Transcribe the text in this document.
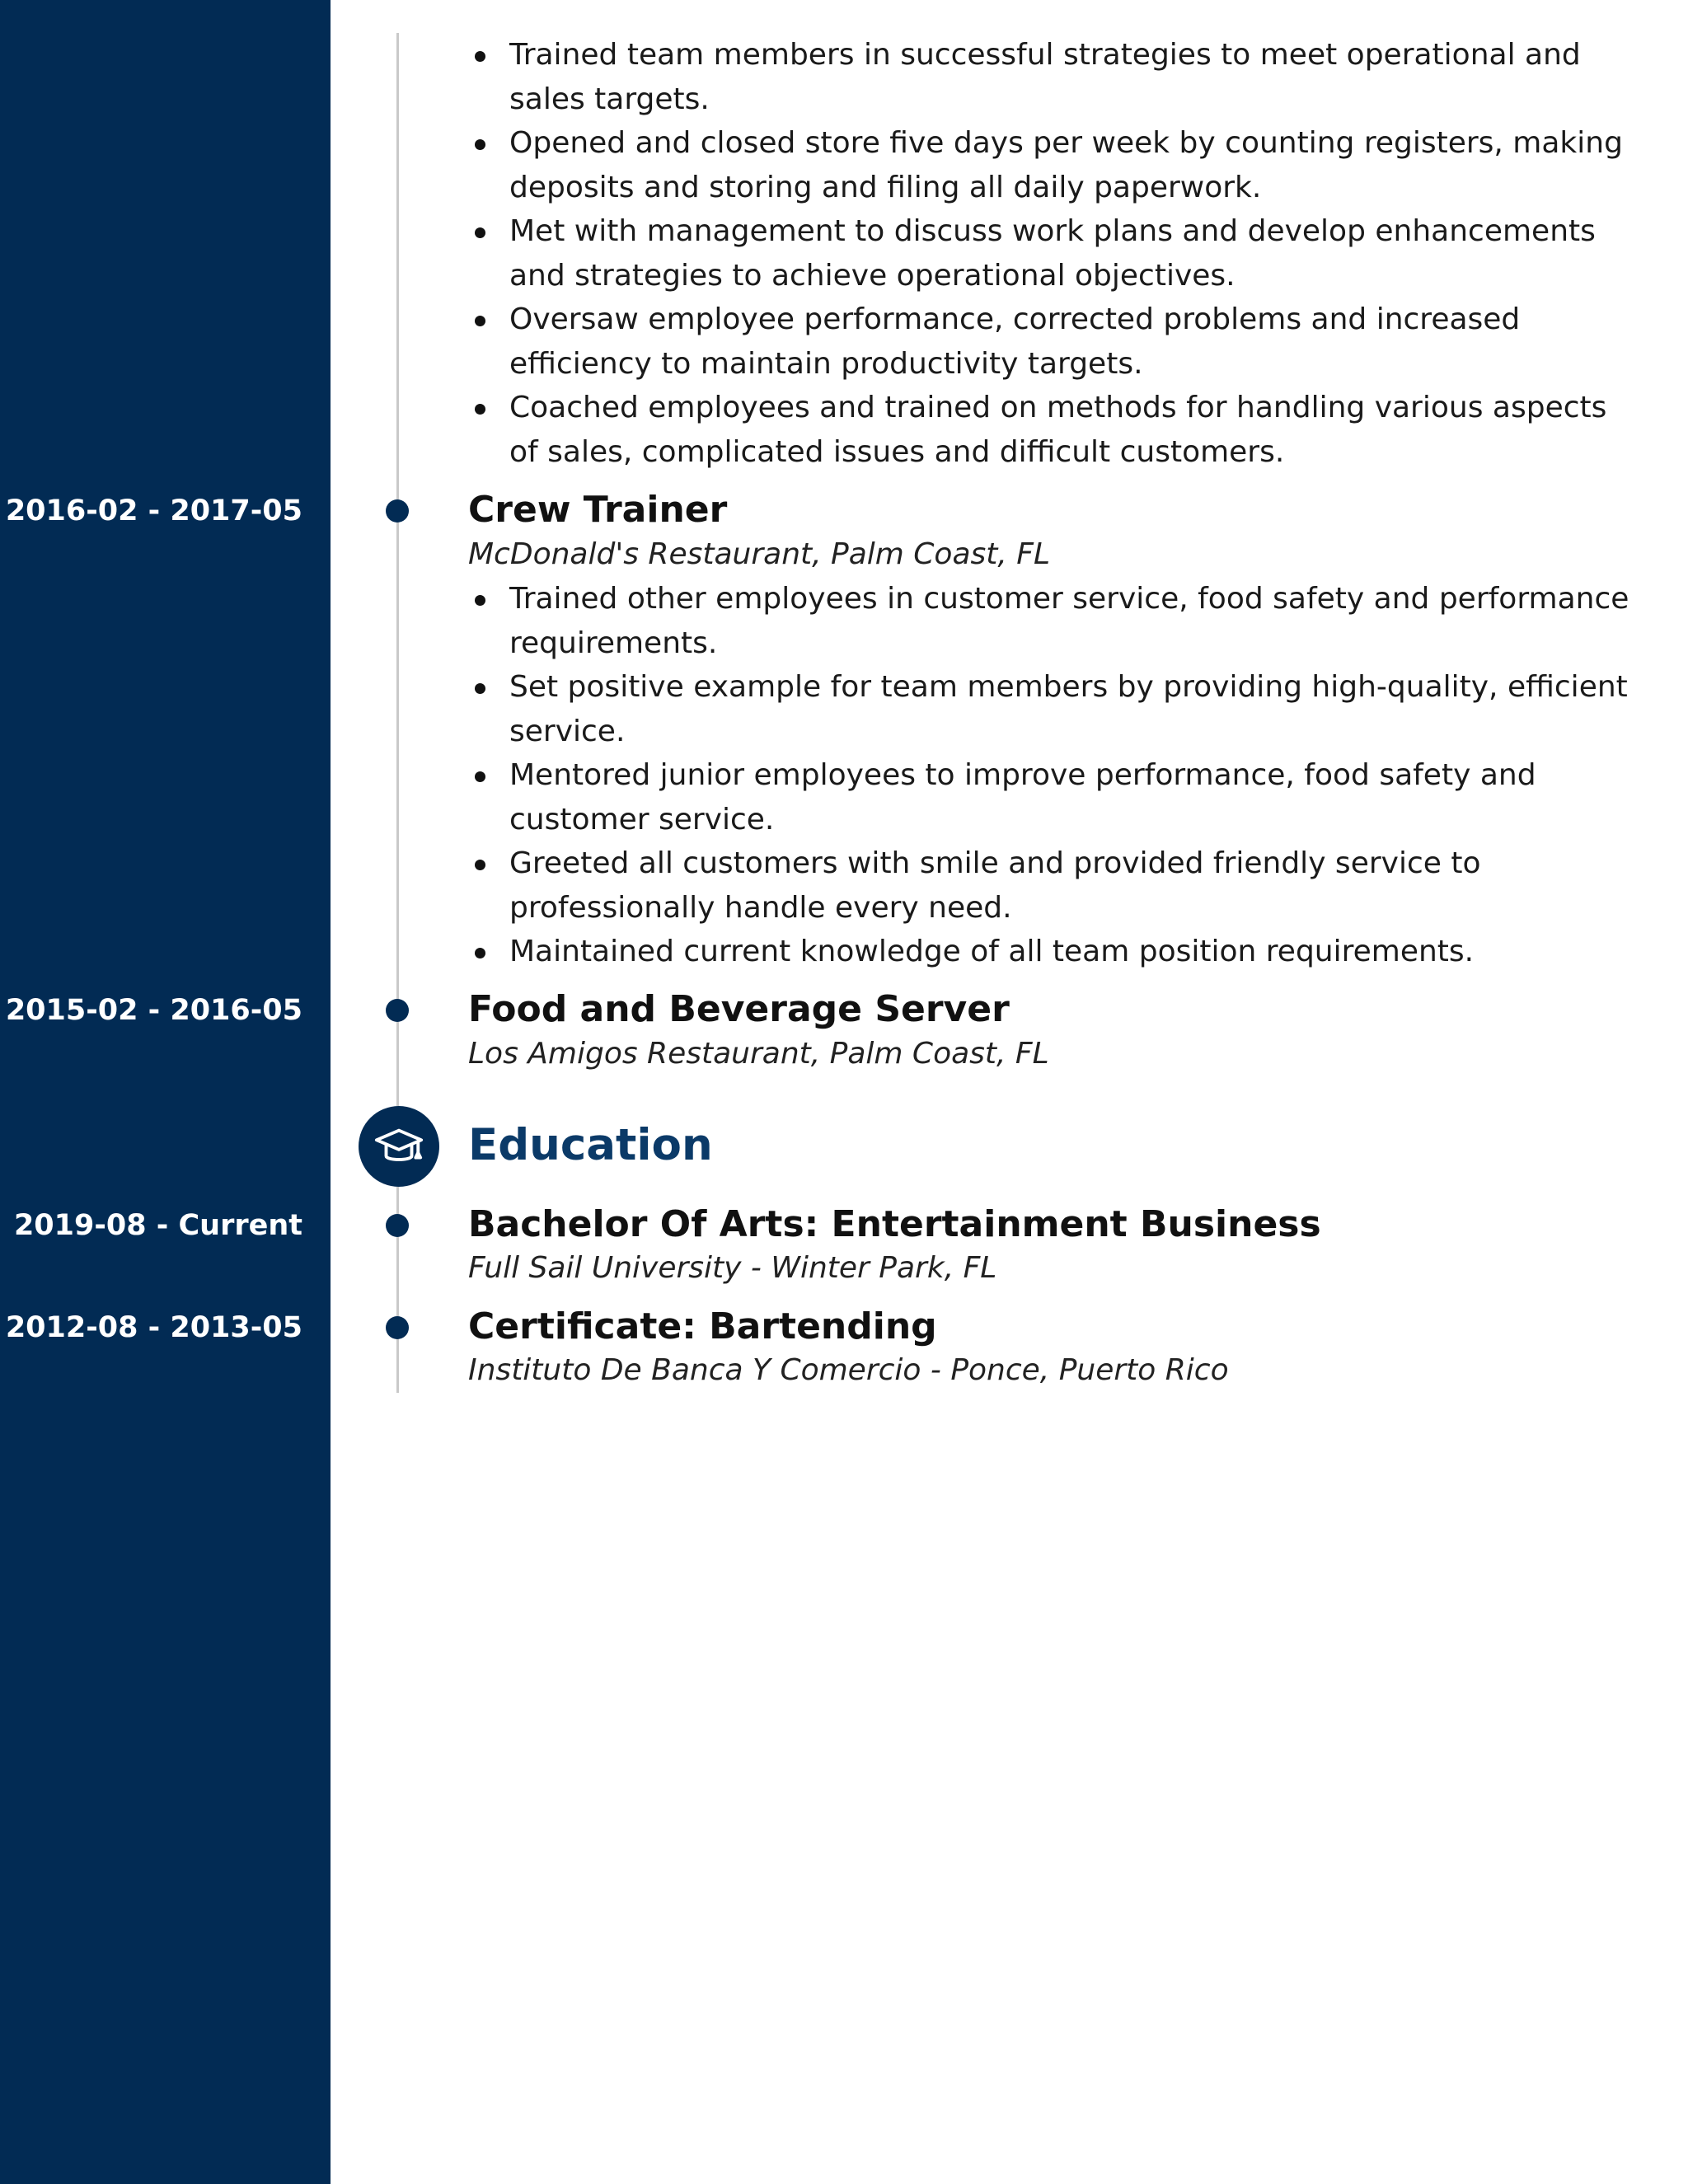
Trained team members in successful strategies to meet operational and sales targets.
Opened and closed store five days per week by counting registers, making deposits and storing and filing all daily paperwork.
Met with management to discuss work plans and develop enhancements and strategies to achieve operational objectives.
Oversaw employee performance, corrected problems and increased efficiency to maintain productivity targets.
Coached employees and trained on methods for handling various aspects of sales, complicated issues and difficult customers.
2016-02 - 2017-05	Crew Trainer
McDonald's Restaurant, Palm Coast, FL
Trained other employees in customer service, food safety and performance requirements.
Set positive example for team members by providing high-quality, efficient service.
Mentored junior employees to improve performance, food safety and customer service.
Greeted all customers with smile and provided friendly service to professionally handle every need.
Maintained current knowledge of all team position requirements.
2015-02 - 2016-05	Food and Beverage Server
Los Amigos Restaurant, Palm Coast, FL
Education
2019-08 - Current	Bachelor Of Arts: Entertainment Business
Full Sail University - Winter Park, FL
2012-08 - 2013-05	Certificate: Bartending
Instituto De Banca Y Comercio - Ponce, Puerto Rico
